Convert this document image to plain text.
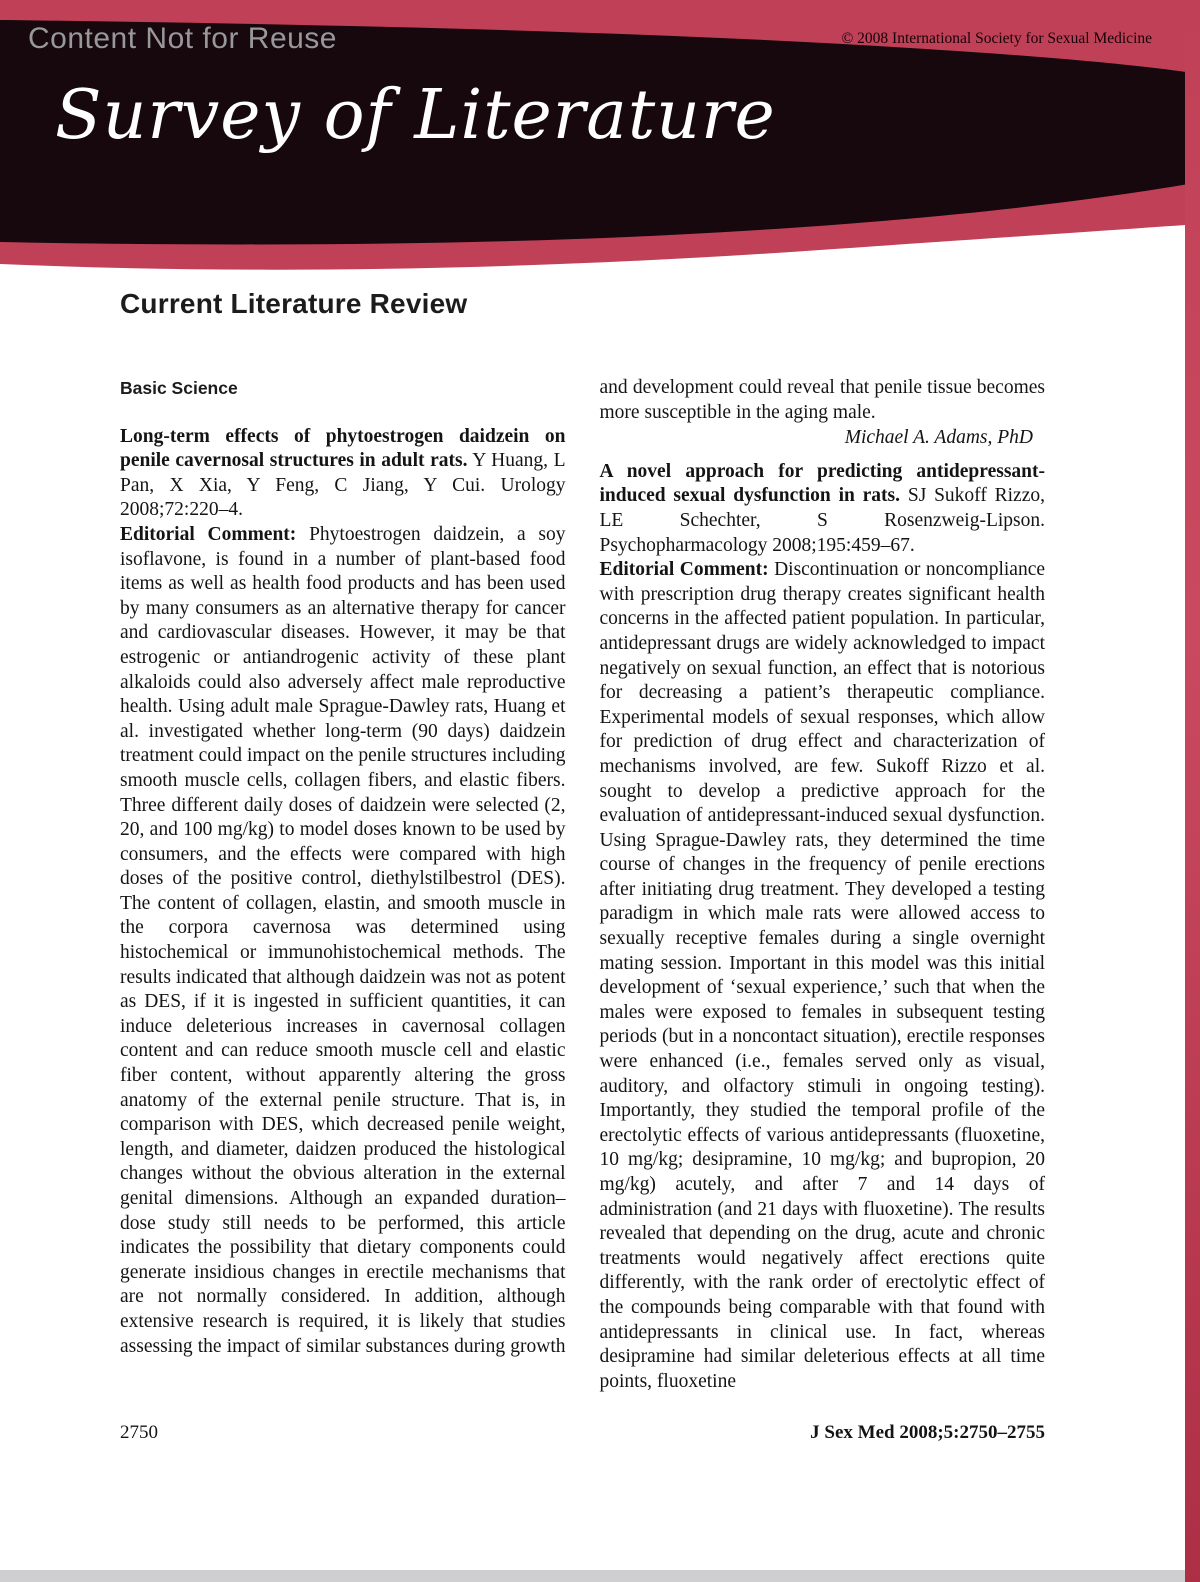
Content Not for Reuse	© 2008 International Society for Sexual Medicine
Survey of Literature
Current Literature Review
Basic Science

Long-term effects of phytoestrogen daidzein on penile cavernosal structures in adult rats. Y Huang, L Pan, X Xia, Y Feng, C Jiang, Y Cui. Urology 2008;72:220–4.

Editorial Comment: Phytoestrogen daidzein, a soy isoflavone, is found in a number of plant-based food items as well as health food products and has been used by many consumers as an alternative therapy for cancer and cardiovascular diseases. However, it may be that estrogenic or antiandrogenic activity of these plant alkaloids could also adversely affect male reproductive health. Using adult male Sprague-Dawley rats, Huang et al. investigated whether long-term (90 days) daidzein treatment could impact on the penile structures including smooth muscle cells, collagen fibers, and elastic fibers. Three different daily doses of daidzein were selected (2, 20, and 100 mg/kg) to model doses known to be used by consumers, and the effects were compared with high doses of the positive control, diethylstilbestrol (DES). The content of collagen, elastin, and smooth muscle in the corpora cavernosa was determined using histochemical or immunohistochemical methods. The results indicated that although daidzein was not as potent as DES, if it is ingested in sufficient quantities, it can induce deleterious increases in cavernosal collagen content and can reduce smooth muscle cell and elastic fiber content, without apparently altering the gross anatomy of the external penile structure. That is, in comparison with DES, which decreased penile weight, length, and diameter, daidzen produced the histological changes without the obvious alteration in the external genital dimensions. Although an expanded duration–dose study still needs to be performed, this article indicates the possibility that dietary components could generate insidious changes in erectile mechanisms that are not normally considered. In addition, although extensive research is required, it is likely that studies assessing the impact of similar substances during growth and development could reveal that penile tissue becomes more susceptible in the aging male.

Michael A. Adams, PhD

A novel approach for predicting antidepressant-induced sexual dysfunction in rats. SJ Sukoff Rizzo, LE Schechter, S Rosenzweig-Lipson. Psychopharmacology 2008;195:459–67.

Editorial Comment: Discontinuation or noncompliance with prescription drug therapy creates significant health concerns in the affected patient population. In particular, antidepressant drugs are widely acknowledged to impact negatively on sexual function, an effect that is notorious for decreasing a patient’s therapeutic compliance. Experimental models of sexual responses, which allow for prediction of drug effect and characterization of mechanisms involved, are few. Sukoff Rizzo et al. sought to develop a predictive approach for the evaluation of antidepressant-induced sexual dysfunction. Using Sprague-Dawley rats, they determined the time course of changes in the frequency of penile erections after initiating drug treatment. They developed a testing paradigm in which male rats were allowed access to sexually receptive females during a single overnight mating session. Important in this model was this initial development of ‘sexual experience,’ such that when the males were exposed to females in subsequent testing periods (but in a noncontact situation), erectile responses were enhanced (i.e., females served only as visual, auditory, and olfactory stimuli in ongoing testing). Importantly, they studied the temporal profile of the erectolytic effects of various antidepressants (fluoxetine, 10 mg/kg; desipramine, 10 mg/kg; and bupropion, 20 mg/kg) acutely, and after 7 and 14 days of administration (and 21 days with fluoxetine). The results revealed that depending on the drug, acute and chronic treatments would negatively affect erections quite differently, with the rank order of erectolytic effect of the compounds being comparable with that found with antidepressants in clinical use. In fact, whereas desipramine had similar deleterious effects at all time points, fluoxetine

2750	J Sex Med 2008;5:2750–2755
